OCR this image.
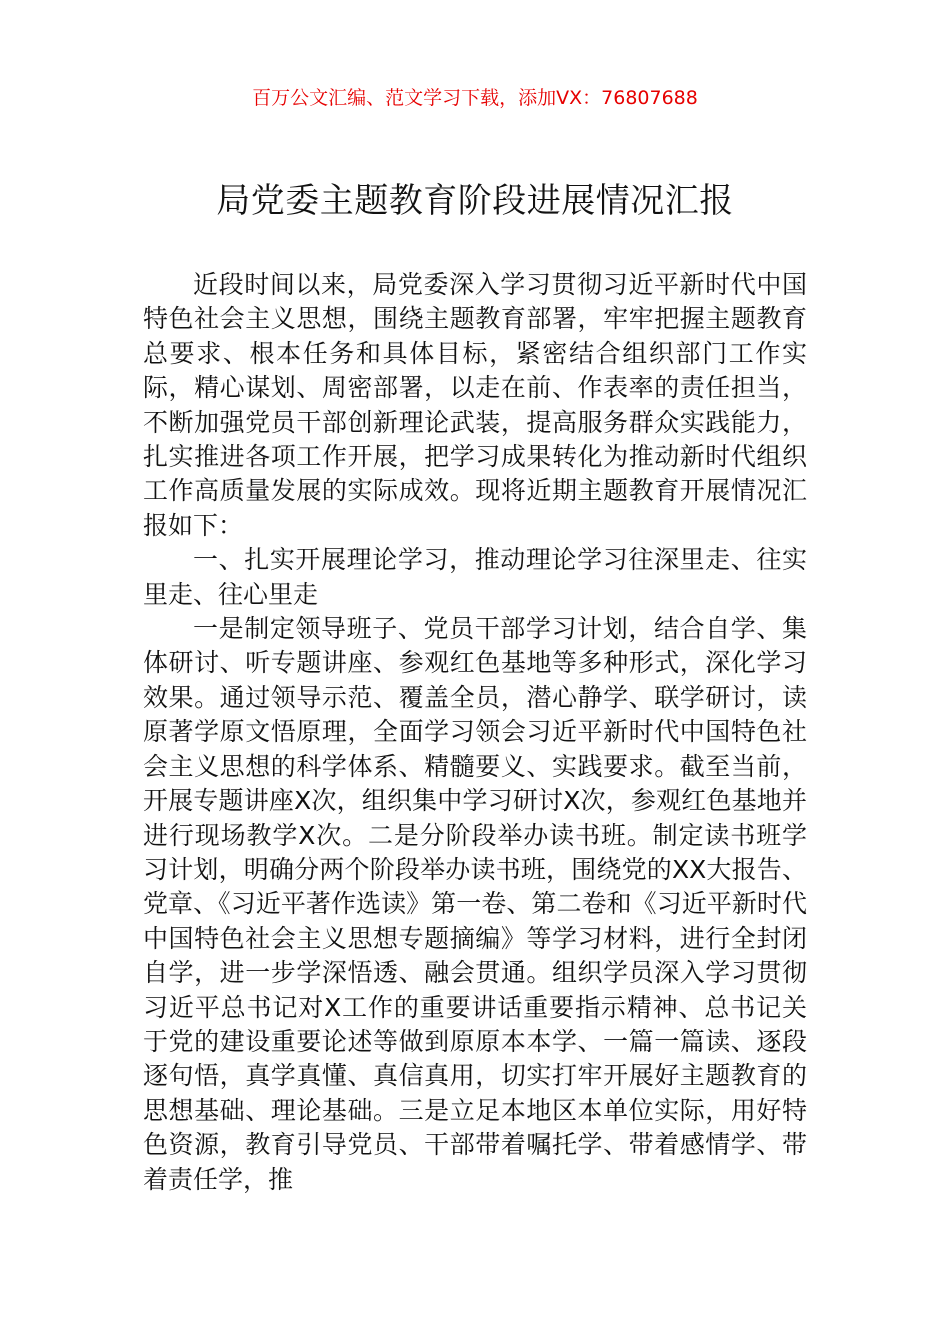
百万公文汇编、范文学习下载，添加VX：76807688
局党委主题教育阶段进展情况汇报

近段时间以来，局党委深入学习贯彻习近平新时代中国特色社会主义思想，围绕主题教育部署，牢牢把握主题教育总要求、根本任务和具体目标，紧密结合组织部门工作实际，精心谋划、周密部署，以走在前、作表率的责任担当，不断加强党员干部创新理论武装，提高服务群众实践能力，扎实推进各项工作开展，把学习成果转化为推动新时代组织工作高质量发展的实际成效。现将近期主题教育开展情况汇报如下：

一、扎实开展理论学习，推动理论学习往深里走、往实里走、往心里走

一是制定领导班子、党员干部学习计划，结合自学、集体研讨、听专题讲座、参观红色基地等多种形式，深化学习效果。通过领导示范、覆盖全员，潜心静学、联学研讨，读原著学原文悟原理，全面学习领会习近平新时代中国特色社会主义思想的科学体系、精髓要义、实践要求。截至当前，开展专题讲座X次，组织集中学习研讨X次，参观红色基地并进行现场教学X次。二是分阶段举办读书班。制定读书班学习计划，明确分两个阶段举办读书班，围绕党的XX大报告、党章、《习近平著作选读》第一卷、第二卷和《习近平新时代中国特色社会主义思想专题摘编》等学习材料，进行全封闭自学，进一步学深悟透、融会贯通。组织学员深入学习贯彻习近平总书记对X工作的重要讲话重要指示精神、总书记关于党的建设重要论述等做到原原本本学、一篇一篇读、逐段逐句悟，真学真懂、真信真用，切实打牢开展好主题教育的思想基础、理论基础。三是立足本地区本单位实际，用好特色资源，教育引导党员、干部带着嘱托学、带着感情学、带着责任学，推
